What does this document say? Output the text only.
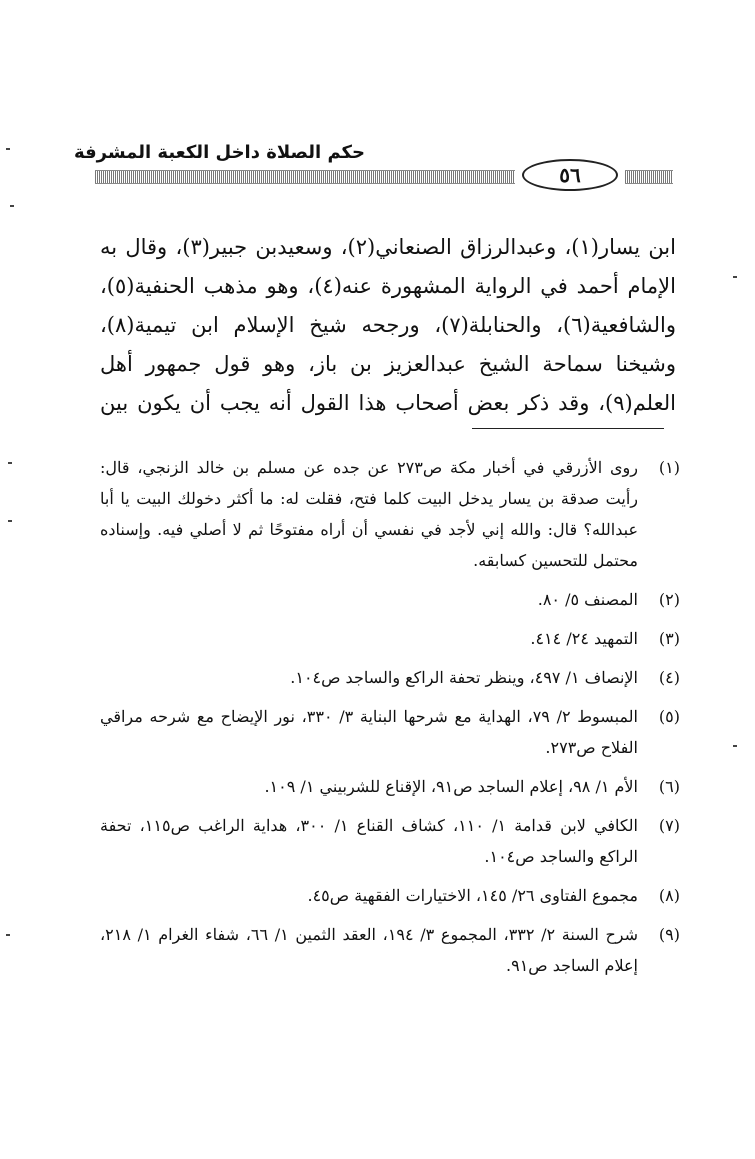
حكم الصلاة داخل الكعبة المشرفة
٥٦

ابن يسار(١)، وعبدالرزاق الصنعاني(٢)، وسعيدبن جبير(٣)، وقال به

الإمام أحمد في الرواية المشهورة عنه(٤)، وهو مذهب الحنفية(٥)،

والشافعية(٦)، والحنابلة(٧)، ورجحه شيخ الإسلام ابن تيمية(٨)،

وشيخنا سماحة الشيخ عبدالعزيز بن باز، وهو قول جمهور أهل

العلم(٩)، وقد ذكر بعض أصحاب هذا القول أنه يجب أن يكون بين

(١)
روى الأزرقي في أخبار مكة ص٢٧٣ عن جده عن مسلم بن خالد الزنجي، قال: رأيت صدقة بن يسار يدخل البيت كلما فتح، فقلت له: ما أكثر دخولك البيت يا أبا عبدالله؟ قال: والله إني لأجد في نفسي أن أراه مفتوحًا ثم لا أصلي فيه. وإسناده محتمل للتحسين كسابقه.
(٢)
المصنف ٥/ ٨٠.
(٣)
التمهيد ٢٤/ ٤١٤.
(٤)
الإنصاف ١/ ٤٩٧، وينظر تحفة الراكع والساجد ص١٠٤.
(٥)
المبسوط ٢/ ٧٩، الهداية مع شرحها البناية ٣/ ٣٣٠، نور الإيضاح مع شرحه مراقي الفلاح ص٢٧٣.
(٦)
الأم ١/ ٩٨، إعلام الساجد ص٩١، الإقناع للشربيني ١/ ١٠٩.
(٧)
الكافي لابن قدامة ١/ ١١٠، كشاف القناع ١/ ٣٠٠، هداية الراغب ص١١٥، تحفة الراكع والساجد ص١٠٤.
(٨)
مجموع الفتاوى ٢٦/ ١٤٥، الاختيارات الفقهية ص٤٥.
(٩)
شرح السنة ٢/ ٣٣٢، المجموع ٣/ ١٩٤، العقد الثمين ١/ ٦٦، شفاء الغرام ١/ ٢١٨، إعلام الساجد ص٩١.
